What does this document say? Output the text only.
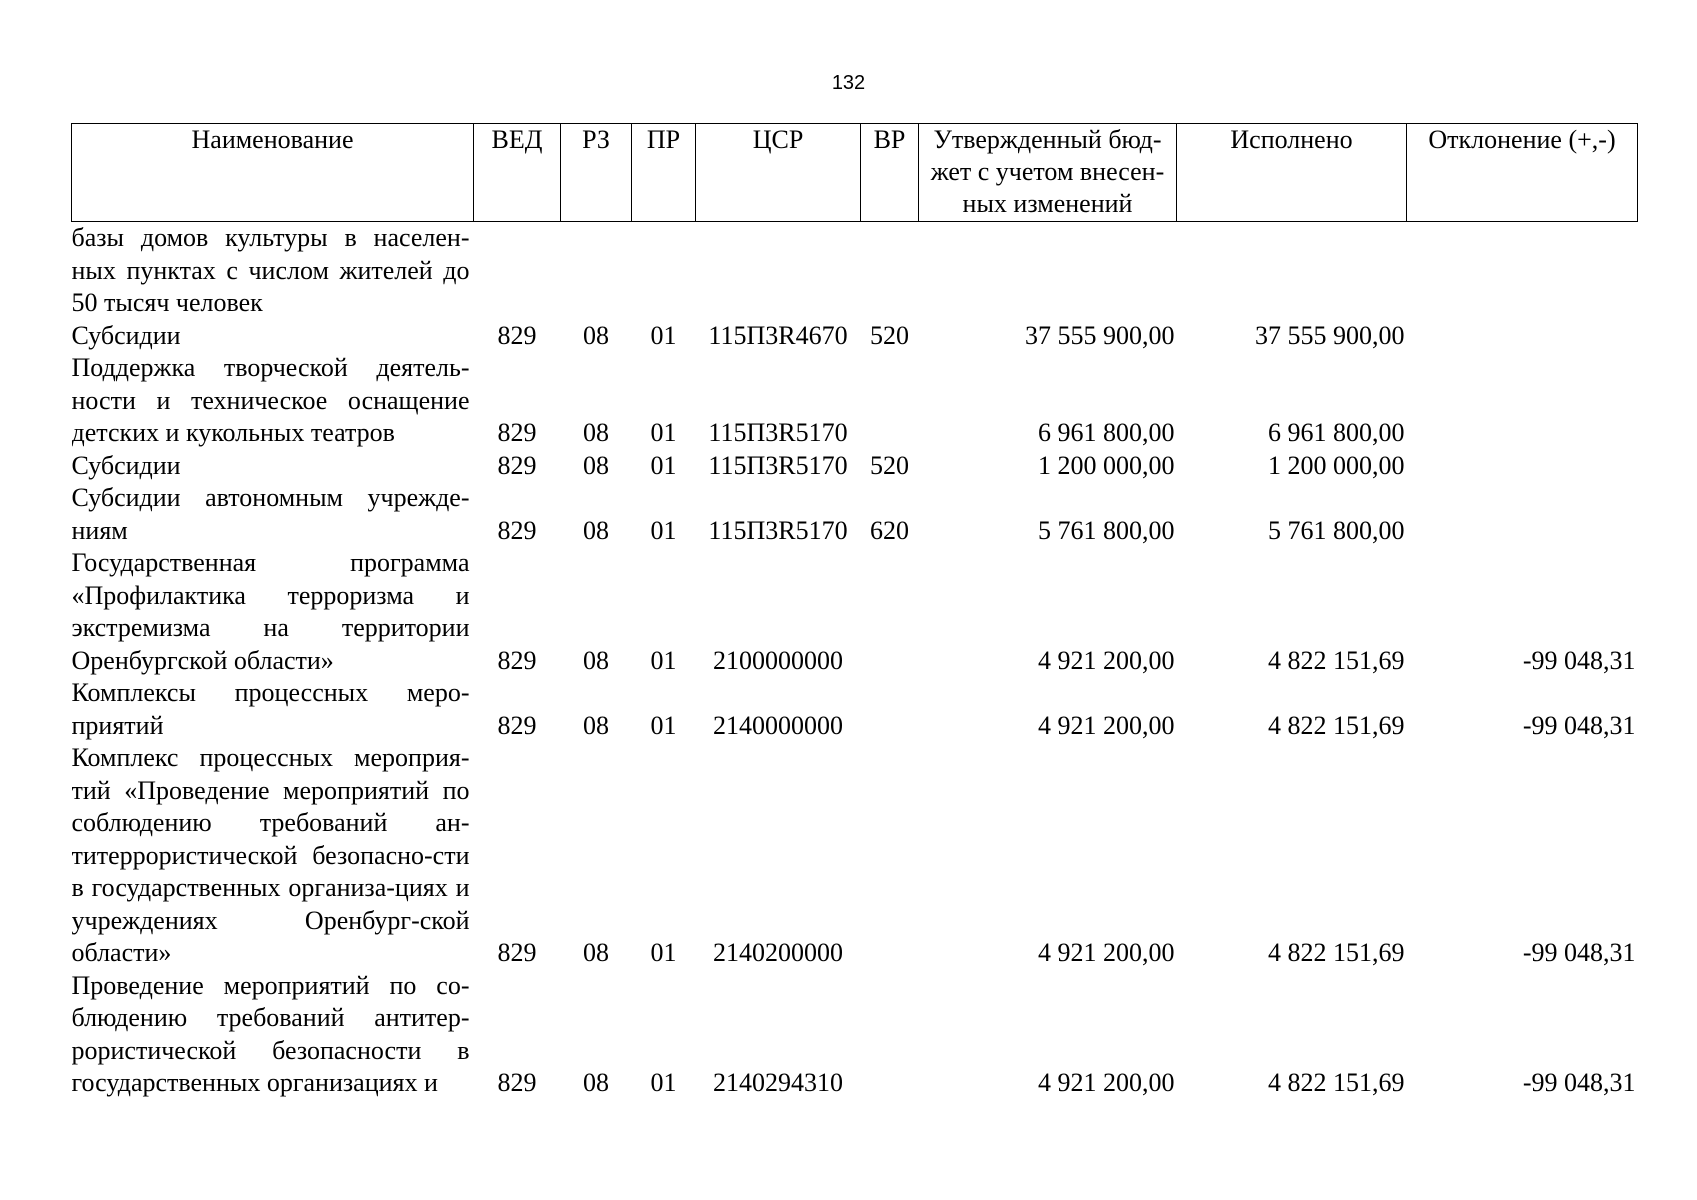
132
Наименование	ВЕД	РЗ	ПР	ЦСР	ВР	Утвержденный бюд-жет с учетом внесен-ных изменений	Исполнено	Отклонение (+,-)
базы домов культуры в населен-ных пунктах с числом жителей до 50 тысяч человек								
Субсидии	829	08	01	115П3R4670	520	37 555 900,00	37 555 900,00	
Поддержка творческой деятель-ности и техническое оснащение детских и кукольных театров	829	08	01	115П3R5170		6 961 800,00	6 961 800,00	
Субсидии	829	08	01	115П3R5170	520	1 200 000,00	1 200 000,00	
Субсидии автономным учрежде-ниям	829	08	01	115П3R5170	620	5 761 800,00	5 761 800,00	
Государственная программа «Профилактика терроризма и экстремизма на территории Оренбургской области»	829	08	01	2100000000		4 921 200,00	4 822 151,69	-99 048,31
Комплексы процессных меро-приятий	829	08	01	2140000000		4 921 200,00	4 822 151,69	-99 048,31
Комплекс процессных мероприя-тий «Проведение мероприятий по соблюдению требований ан-титеррористической безопасно-сти в государственных организа-циях и учреждениях Оренбург-ской области»	829	08	01	2140200000		4 921 200,00	4 822 151,69	-99 048,31
Проведение мероприятий по со-блюдению требований антитер-рористической безопасности в государственных организациях и	829	08	01	2140294310		4 921 200,00	4 822 151,69	-99 048,31
